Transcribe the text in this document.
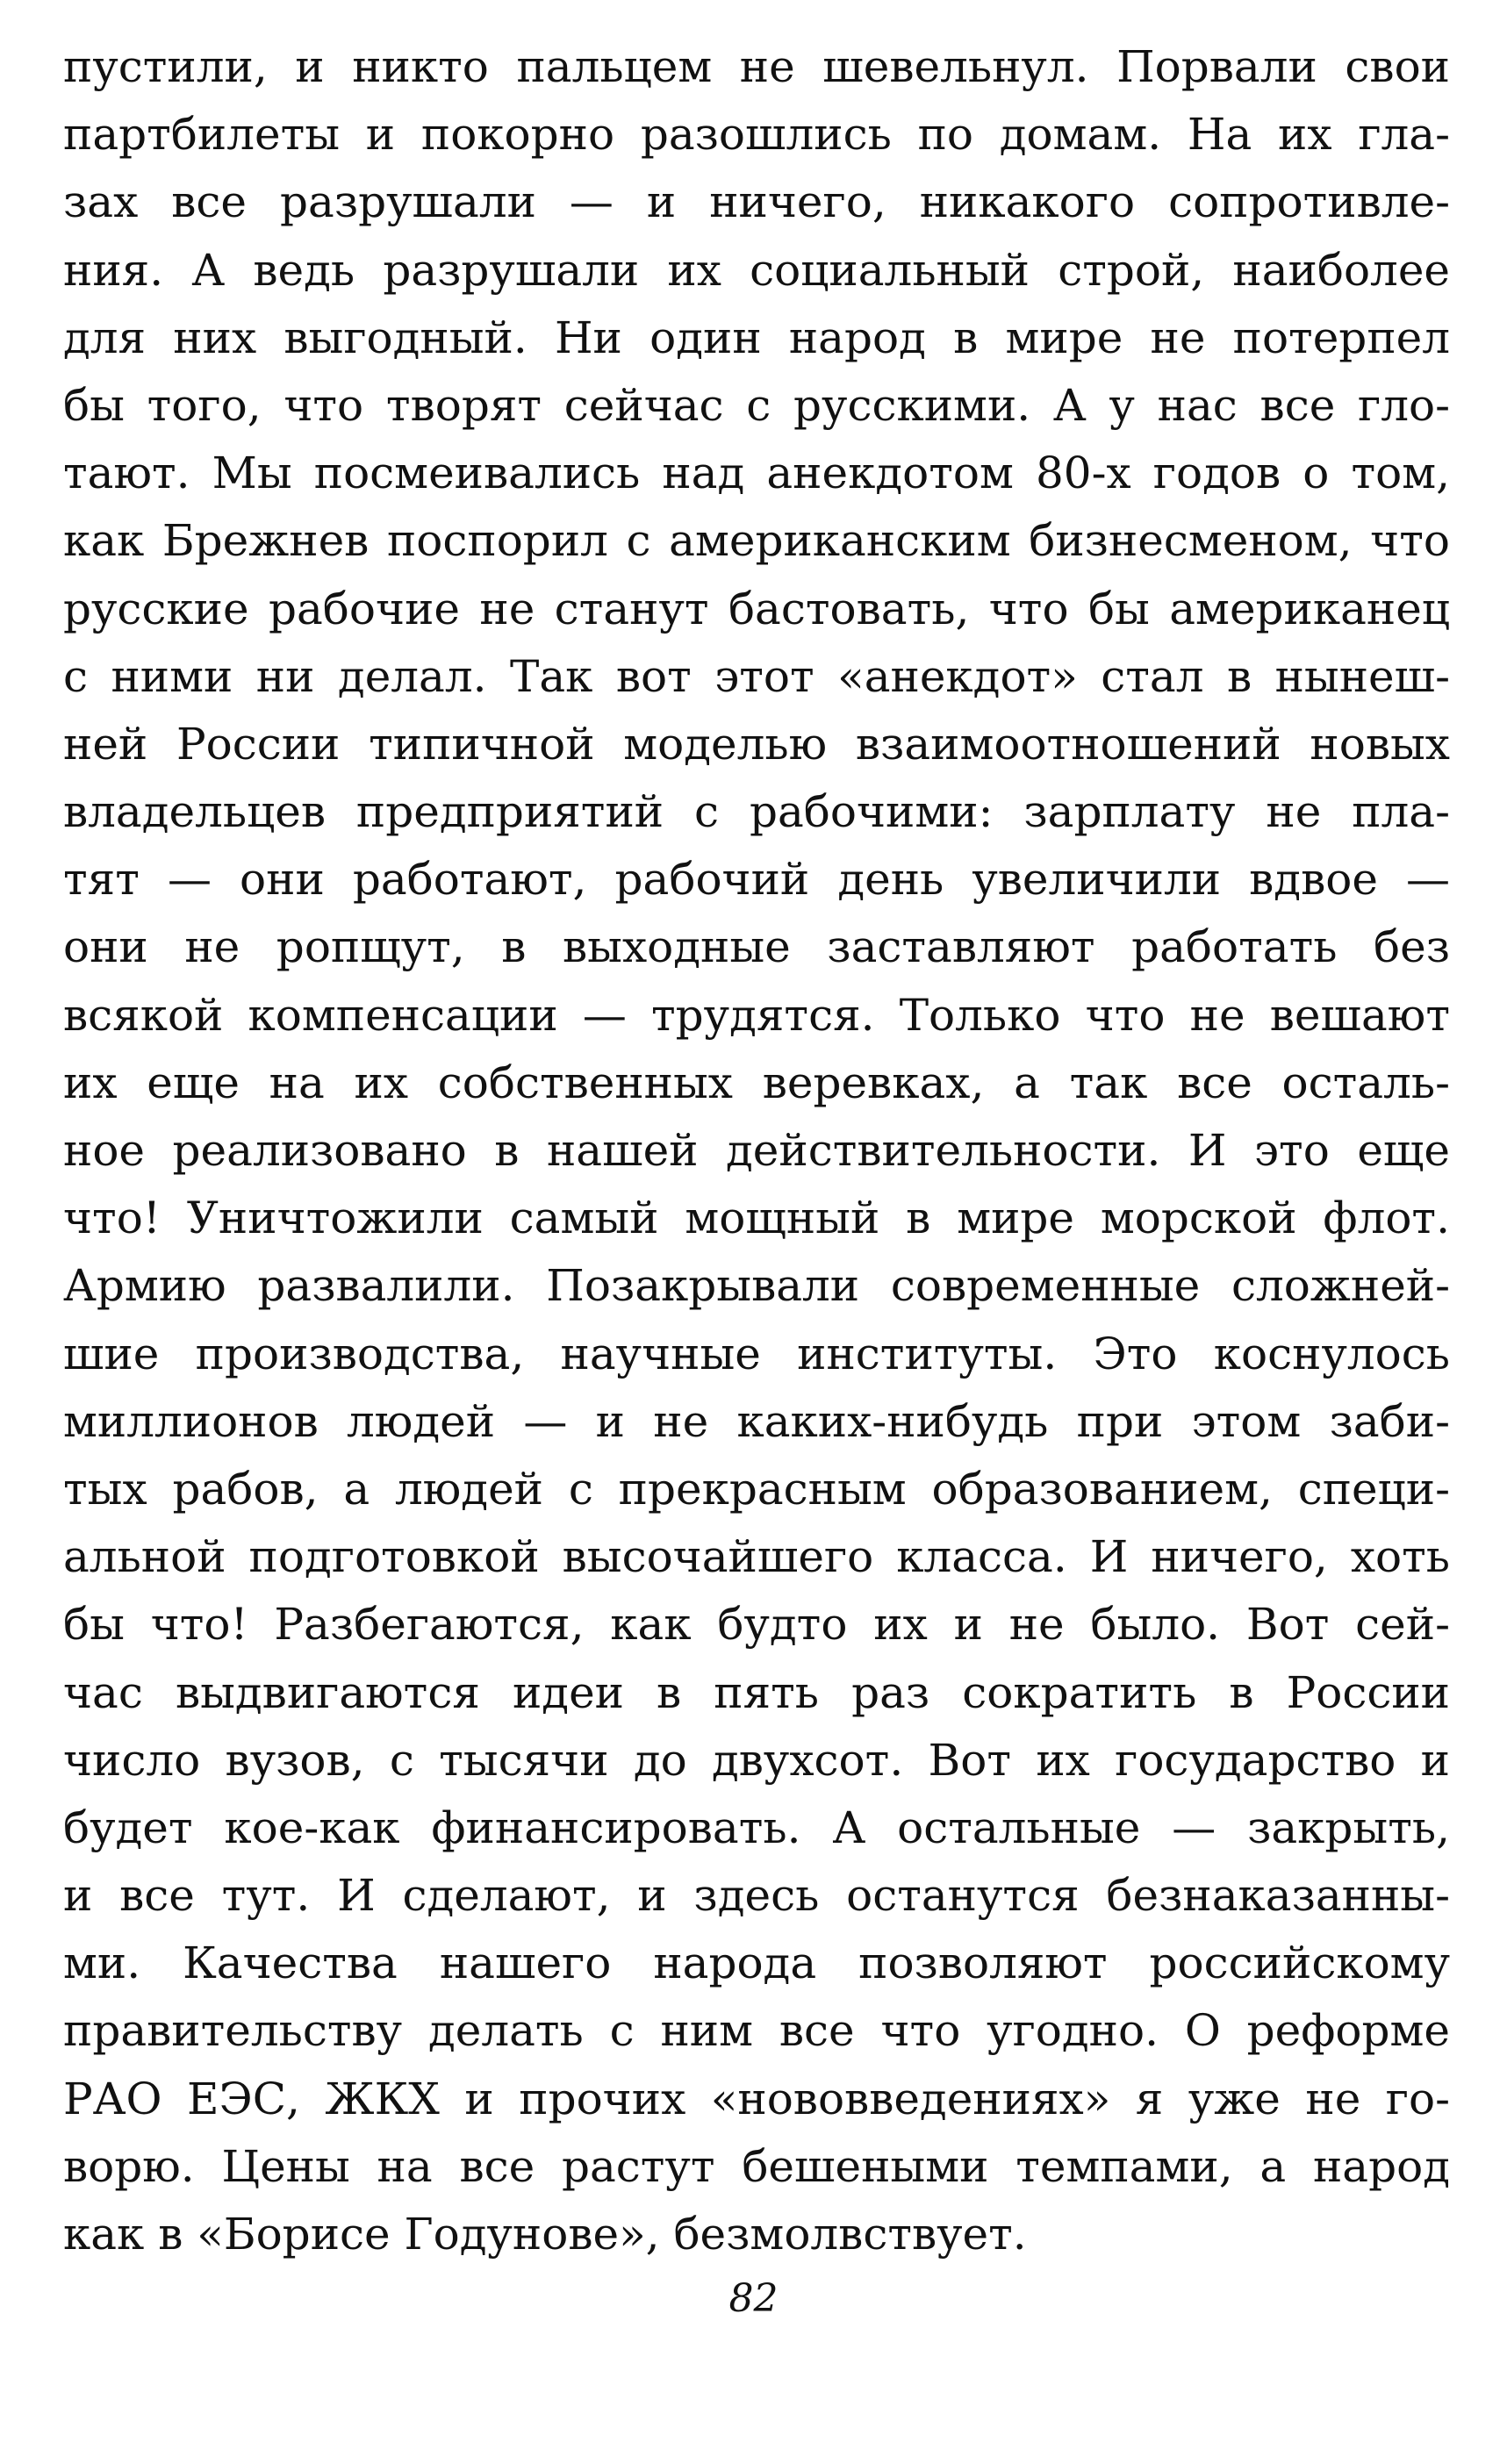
пустили, и никто пальцем не шевельнул. Порвали свои
партбилеты и покорно разошлись по домам. На их гла-
зах все разрушали — и ничего, никакого сопротивле-
ния. А ведь разрушали их социальный строй, наиболее
для них выгодный. Ни один народ в мире не потерпел
бы того, что творят сейчас с русскими. А у нас все гло-
тают. Мы посмеивались над анекдотом 80-х годов о том,
как Брежнев поспорил с американским бизнесменом, что
русские рабочие не станут бастовать, что бы американец
с ними ни делал. Так вот этот «анекдот» стал в нынеш-
ней России типичной моделью взаимоотношений новых
владельцев предприятий с рабочими: зарплату не пла-
тят — они работают, рабочий день увеличили вдвое —
они не ропщут, в выходные заставляют работать без
всякой компенсации — трудятся. Только что не вешают
их еще на их собственных веревках, а так все осталь-
ное реализовано в нашей действительности. И это еще
что! Уничтожили самый мощный в мире морской флот.
Армию развалили. Позакрывали современные сложней-
шие производства, научные институты. Это коснулось
миллионов людей — и не каких-нибудь при этом заби-
тых рабов, а людей с прекрасным образованием, специ-
альной подготовкой высочайшего класса. И ничего, хоть
бы что! Разбегаются, как будто их и не было. Вот сей-
час выдвигаются идеи в пять раз сократить в России
число вузов, с тысячи до двухсот. Вот их государство и
будет кое-как финансировать. А остальные — закрыть,
и все тут. И сделают, и здесь останутся безнаказанны-
ми. Качества нашего народа позволяют российскому
правительству делать с ним все что угодно. О реформе
РАО ЕЭС, ЖКХ и прочих «нововведениях» я уже не го-
ворю. Цены на все растут бешеными темпами, а народ
как в «Борисе Годунове», безмолвствует.
82
